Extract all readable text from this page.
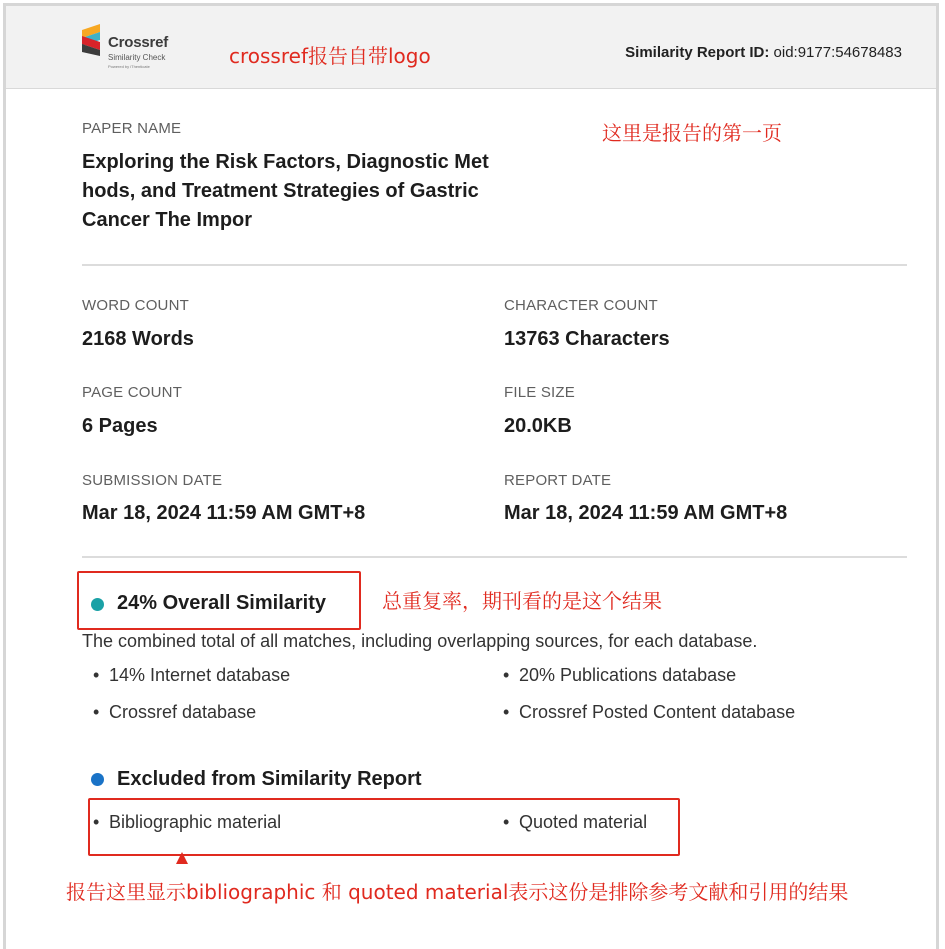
Crossref
Similarity Check
Powered by iThenticate
Similarity Report ID: oid:9177:54678483
crossref报告自带logo
PAPER NAME	这里是报告的第一页
Exploring the Risk Factors, Diagnostic Methods, and Treatment Strategies of Gastric Cancer The Impor
WORD COUNT
2168 Words
CHARACTER COUNT
13763 Characters
PAGE COUNT
6 Pages
FILE SIZE
20.0KB
SUBMISSION DATE
Mar 18, 2024 11:59 AM GMT+8
REPORT DATE
Mar 18, 2024 11:59 AM GMT+8
24% Overall Similarity	总重复率，期刊看的是这个结果
The combined total of all matches, including overlapping sources, for each database.
• 14% Internet database	• 20% Publications database
• Crossref database	• Crossref Posted Content database
Excluded from Similarity Report
• Bibliographic material	• Quoted material
报告这里显示bibliographic 和 quoted material表示这份是排除参考文献和引用的结果
